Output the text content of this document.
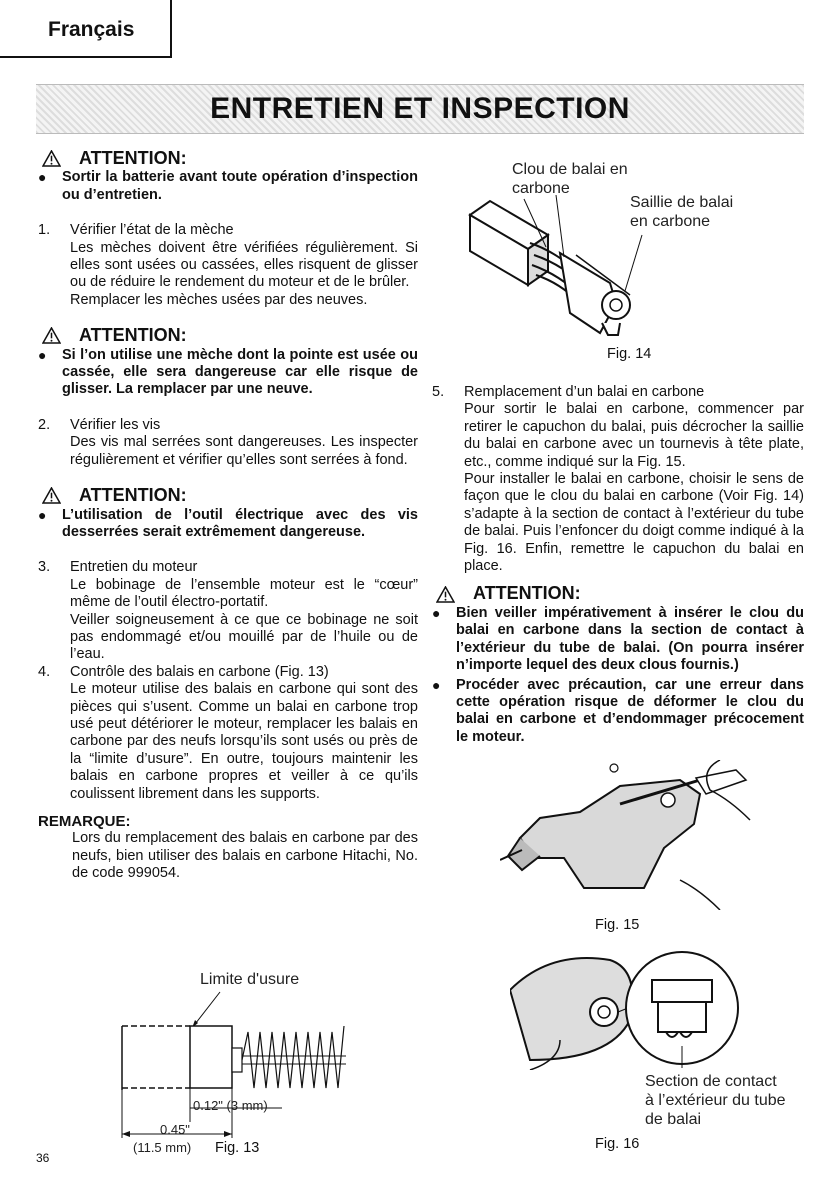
Français
ENTRETIEN ET INSPECTION
ATTENTION:
●	Sortir la batterie avant toute opération d’inspection ou d’entretien.
1.	Vérifier l’état de la mèche

Les mèches doivent être vérifiées régulièrement. Si elles sont usées ou cassées, elles risquent de glisser ou de réduire le rendement du moteur et de le brûler.

Remplacer les mèches usées par des neuves.

ATTENTION:
●	Si l’on utilise une mèche dont la pointe est usée ou cassée, elle sera dangereuse car elle risque de glisser. La remplacer par une neuve.
2.	Vérifier les vis

Des vis mal serrées sont dangereuses. Les inspecter régulièrement et vérifier qu’elles sont serrées à fond.

ATTENTION:
●	L’utilisation de l’outil électrique avec des vis desserrées serait extrêmement dangereuse.
3.	Entretien du moteur

Le bobinage de l’ensemble moteur est le “cœur” même de l’outil électro-portatif.

Veiller soigneusement à ce que ce bobinage ne soit pas endommagé et/ou mouillé par de l’huile ou de l’eau.

4.	Contrôle des balais en carbone (Fig. 13)

Le moteur utilise des balais en carbone qui sont des pièces qui s’usent. Comme un balai en carbone trop usé peut détériorer le moteur, remplacer les balais en carbone par des neufs lorsqu’ils sont usés ou près de la “limite d’usure”. En outre, toujours maintenir les balais en carbone propres et veiller à ce qu’ils coulissent librement dans les supports.

REMARQUE:
Lors du remplacement des balais en carbone par des neufs, bien utiliser des balais en carbone Hitachi, No. de code 999054.
Limite d'usure
0.12" (3 mm)
0.45"
(11.5 mm) Fig. 13
Clou de balai en
carbone
Saillie de balai
en carbone
Fig. 14
5.	Remplacement d’un balai en carbone

Pour sortir le balai en carbone, commencer par retirer le capuchon du balai, puis décrocher la saillie du balai en carbone avec un tournevis à tête plate, etc., comme indiqué sur la Fig. 15.

Pour installer le balai en carbone, choisir le sens de façon que le clou du balai en carbone (Voir Fig. 14) s’adapte à la section de contact à l’extérieur du tube de balai. Puis l’enfoncer du doigt comme indiqué à la Fig. 16. Enfin, remettre le capuchon du balai en place.

ATTENTION:
●	Bien veiller impérativement à insérer le clou du balai en carbone dans la section de contact à l’extérieur du tube de balai. (On pourra insérer n’importe lequel des deux clous fournis.)
●	Procéder avec précaution, car une erreur dans cette opération risque de déformer le clou du balai en carbone et d’endommager précocement le moteur.
Fig. 15
Section de contact
à l’extérieur du tube
de balai
Fig. 16
36
